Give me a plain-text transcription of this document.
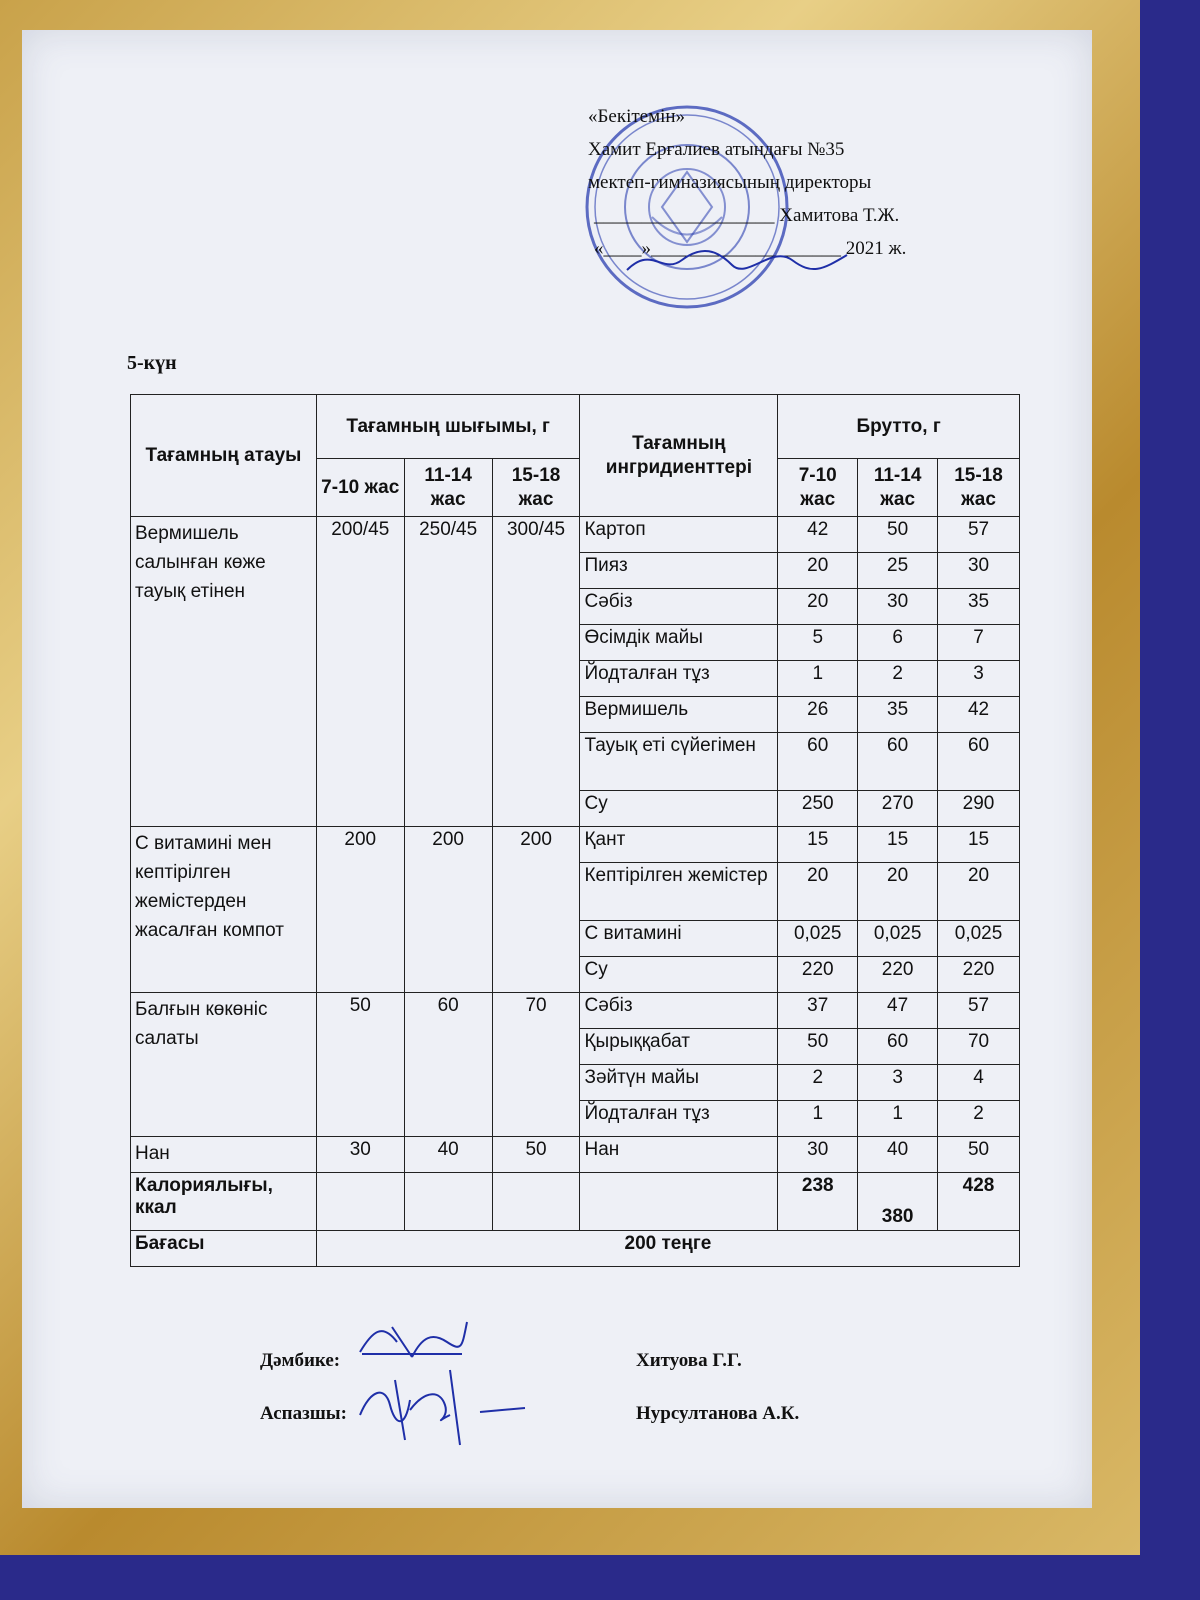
«Бекітемін»
Хамит Ерғалиев атындағы №35
мектеп-гимназиясының директоры
___________________ Хамитова Т.Ж.
«____»____________________ 2021 ж.
5-күн
Тағамның атауы	Тағамның шығымы, г			Тағамның ингридиенттері	Брутто, г		
	7-10 жас	11-14 жас	15-18 жас		7-10 жас	11-14 жас	15-18 жас
Вермишель салынған көже тауық етінен	200/45	250/45	300/45	Картоп	42	50	57
				Пияз	20	25	30
				Сәбіз	20	30	35
				Өсімдік майы	5	6	7
				Йодталған тұз	1	2	3
				Вермишель	26	35	42
				Тауық еті сүйегімен	60	60	60
				Су	250	270	290
С витамині мен кептірілген жемістерден жасалған компот	200	200	200	Қант	15	15	15
				Кептірілген жемістер	20	20	20
				С витамині	0,025	0,025	0,025
				Су	220	220	220
Балғын көкөніс салаты	50	60	70	Сәбіз	37	47	57
				Қырыққабат	50	60	70
				Зәйтүн майы	2	3	4
				Йодталған тұз	1	1	2
Нан	30	40	50	Нан	30	40	50
Калориялығы, ккал					238	380	428
Бағасы	200 теңге						
Дәмбике:	Хитуова Г.Г.
Аспазшы:	Нурсултанова А.К.
